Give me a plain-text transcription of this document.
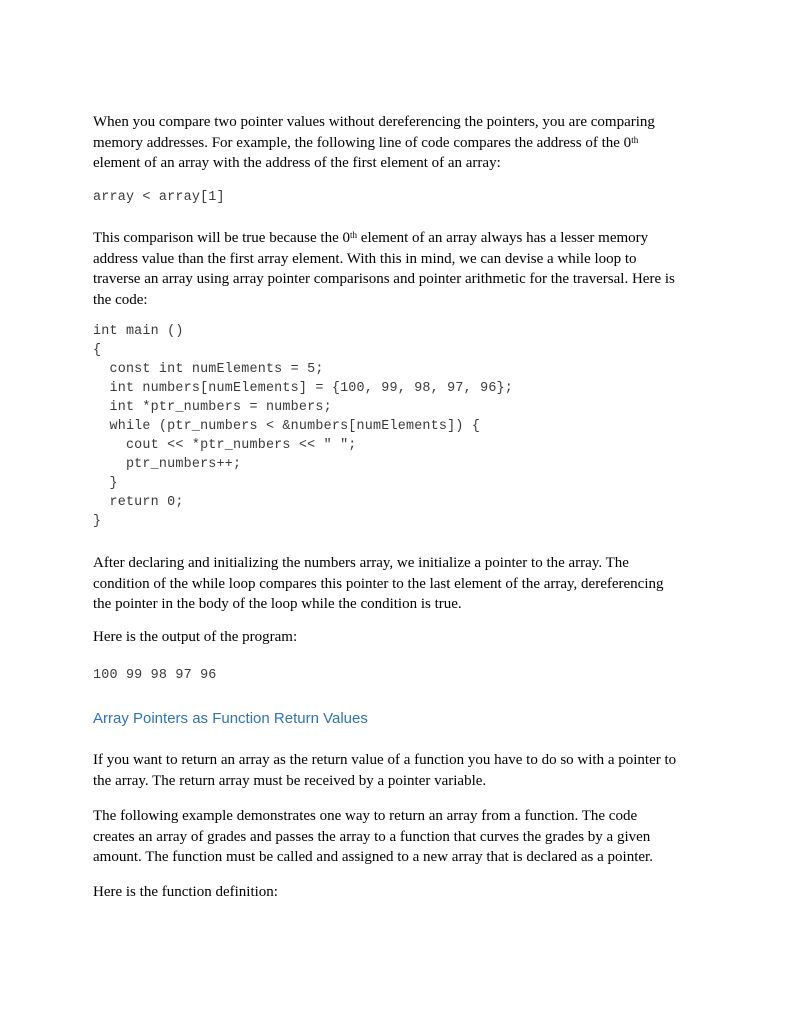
When you compare two pointer values without dereferencing the pointers, you are comparing
memory addresses. For example, the following line of code compares the address of the 0th
element of an array with the address of the first element of an array:

array < array[1]

This comparison will be true because the 0th element of an array always has a lesser memory
address value than the first array element. With this in mind, we can devise a while loop to
traverse an array using array pointer comparisons and pointer arithmetic for the traversal. Here is
the code:

int main ()
{
const int numElements = 5;
int numbers[numElements] = {100, 99, 98, 97, 96};
int *ptr_numbers = numbers;
while (ptr_numbers < &numbers[numElements]) {
cout << *ptr_numbers << " ";
ptr_numbers++;
}
return 0;
}

After declaring and initializing the numbers array, we initialize a pointer to the array. The
condition of the while loop compares this pointer to the last element of the array, dereferencing
the pointer in the body of the loop while the condition is true.

Here is the output of the program:

100 99 98 97 96
Array Pointers as Function Return Values

If you want to return an array as the return value of a function you have to do so with a pointer to
the array. The return array must be received by a pointer variable.

The following example demonstrates one way to return an array from a function. The code
creates an array of grades and passes the array to a function that curves the grades by a given
amount. The function must be called and assigned to a new array that is declared as a pointer.

Here is the function definition:
